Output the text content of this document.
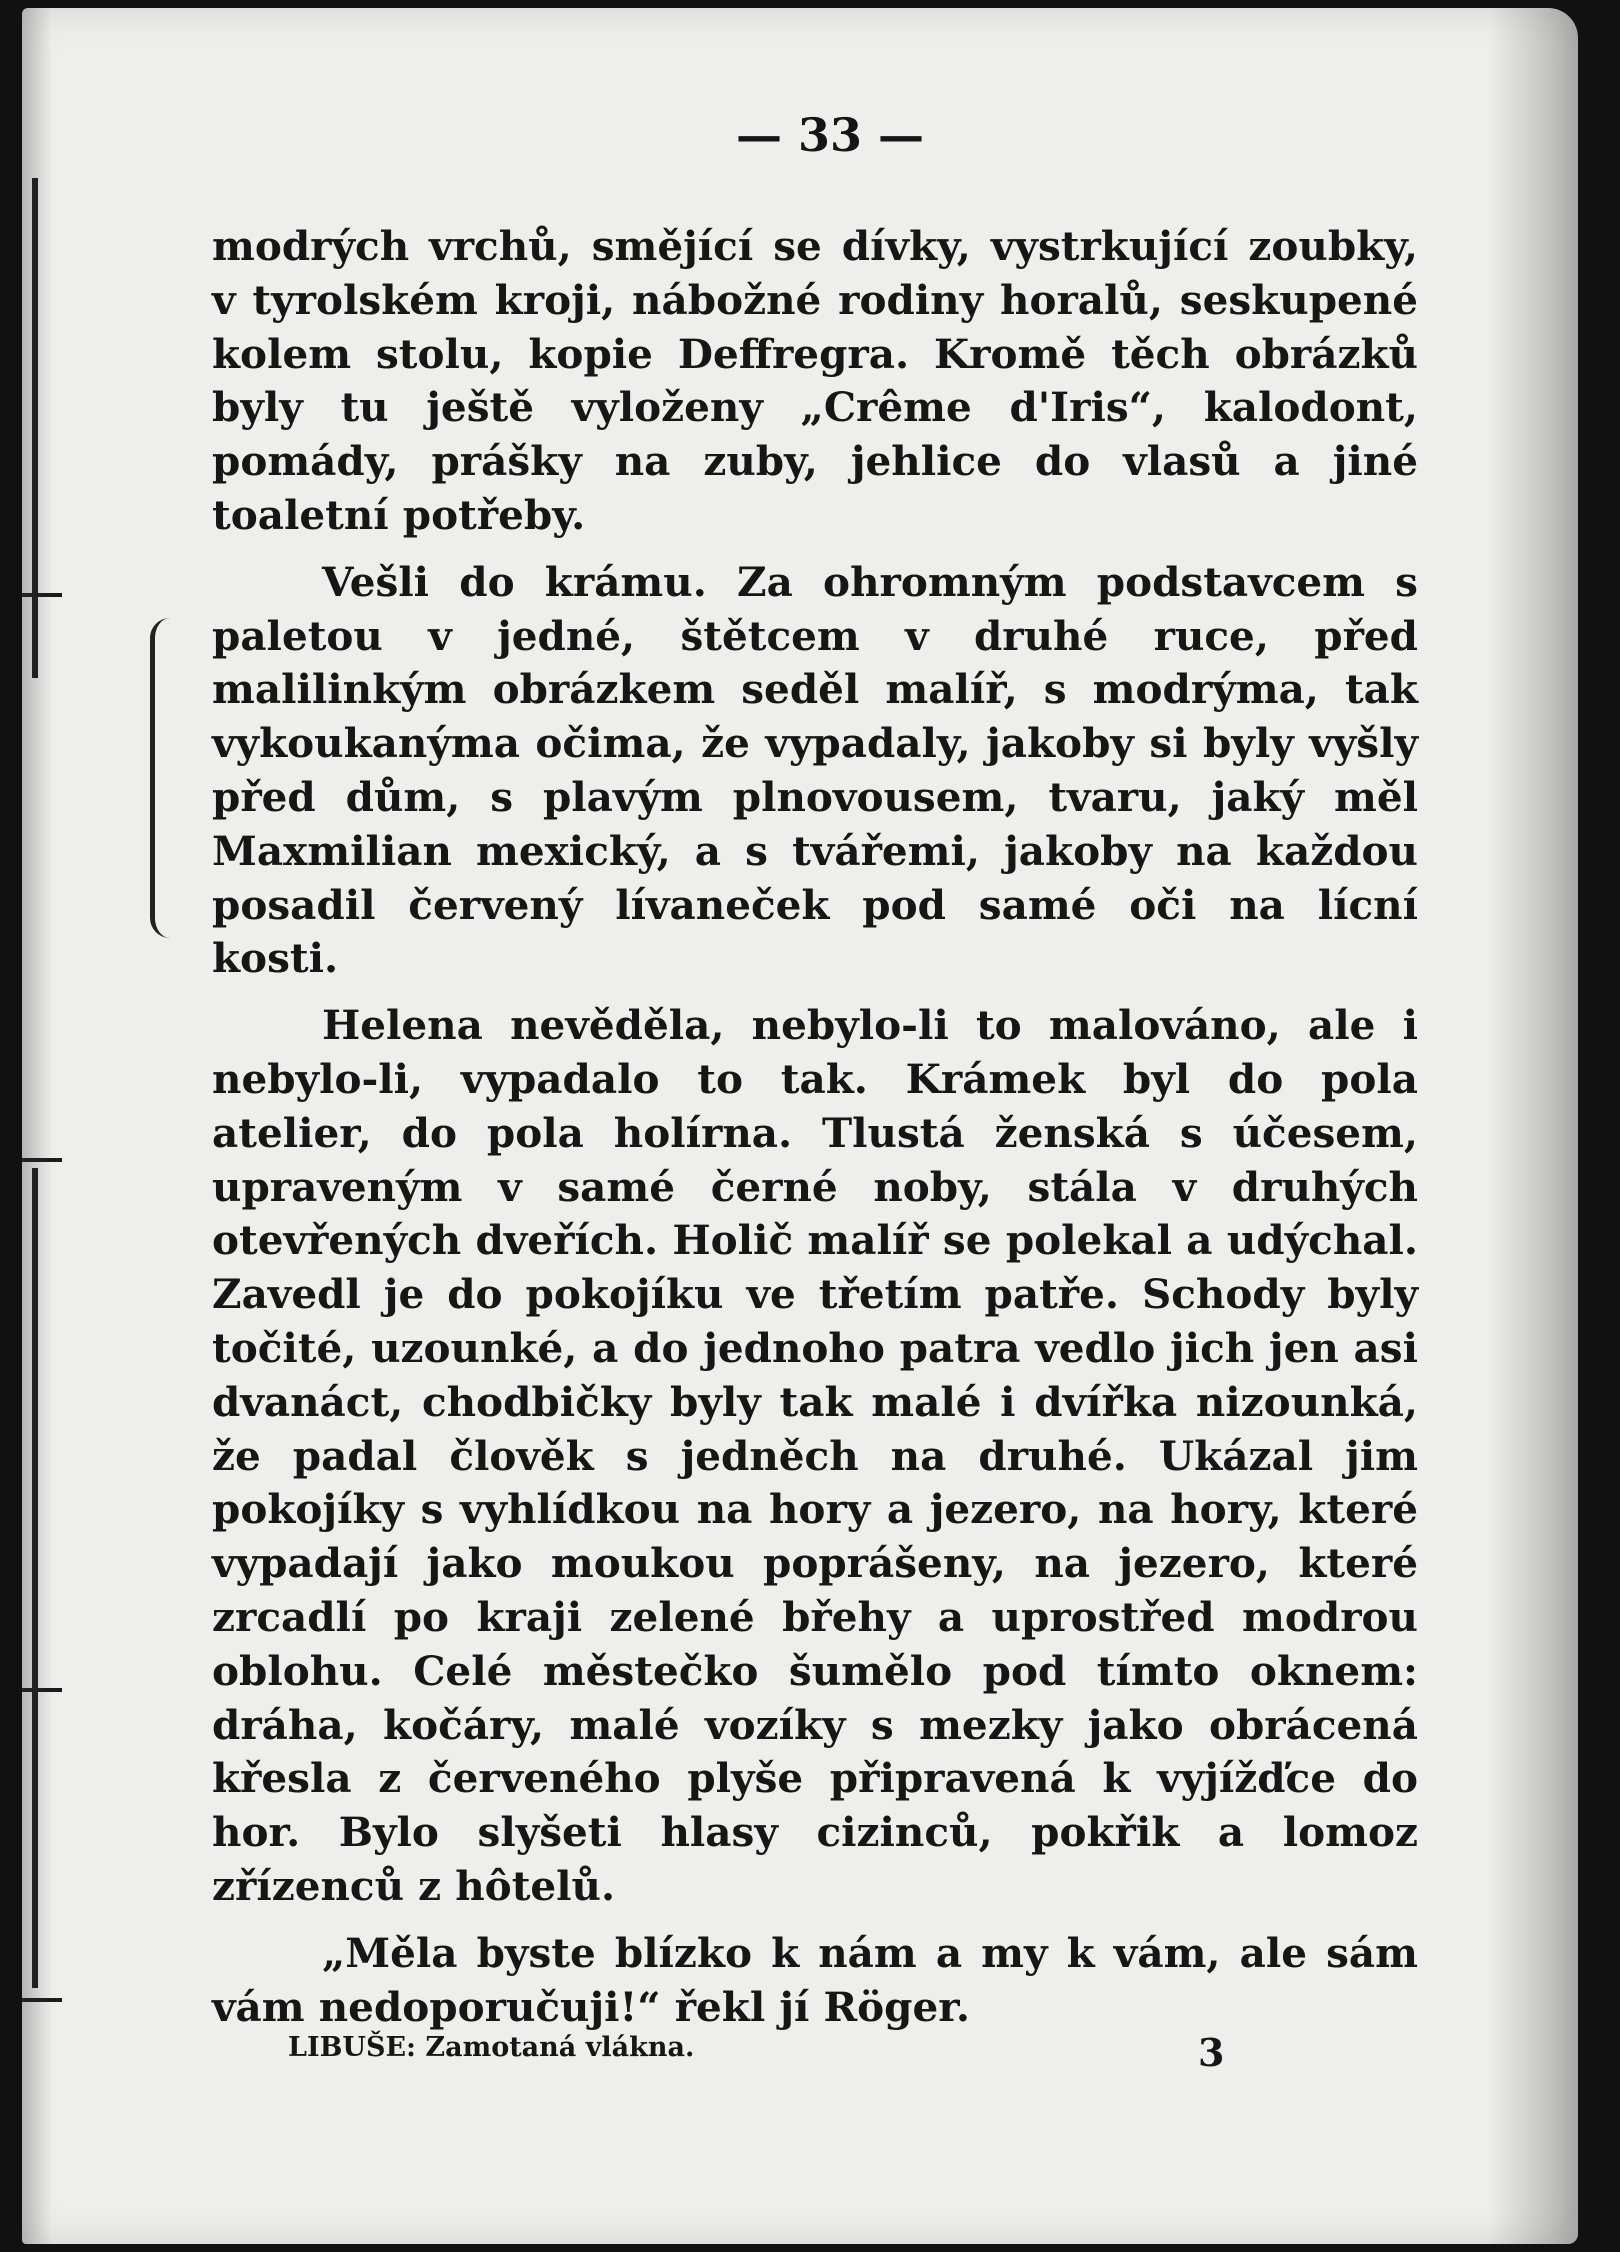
— 33 —

modrých vrchů, smějící se dívky, vystrkující zoubky, v tyrolském kroji, nábožné rodiny horalů, seskupené kolem stolu, kopie Deffregra. Kromě těch obrázků byly tu ještě vyloženy „Crême d'Iris“, kalodont, pomády, prášky na zuby, jehlice do vlasů a jiné toaletní potřeby.

Vešli do krámu. Za ohromným podstavcem s paletou v jedné, štětcem v druhé ruce, před malilinkým obrázkem seděl malíř, s modrýma, tak vykoukanýma očima, že vypadaly, jakoby si byly vyšly před dům, s plavým plnovousem, tvaru, jaký měl Maxmilian mexický, a s tvářemi, jakoby na každou posadil červený lívaneček pod samé oči na lícní kosti.

Helena nevěděla, nebylo-li to malováno, ale i nebylo-li, vypadalo to tak. Krámek byl do pola atelier, do pola holírna. Tlustá ženská s účesem, upraveným v samé černé noby, stála v druhých otevřených dveřích. Holič malíř se polekal a udýchal. Zavedl je do pokojíku ve třetím patře. Schody byly točité, uzounké, a do jednoho patra vedlo jich jen asi dvanáct, chodbičky byly tak malé i dvířka nizounká, že padal člověk s jedněch na druhé. Ukázal jim pokojíky s vyhlídkou na hory a jezero, na hory, které vypadají jako moukou poprášeny, na jezero, které zrcadlí po kraji zelené břehy a uprostřed modrou oblohu. Celé městečko šumělo pod tímto oknem: dráha, kočáry, malé vozíky s mezky jako obrácená křesla z červeného plyše připravená k vyjížďce do hor. Bylo slyšeti hlasy cizinců, pokřik a lomoz zřízenců z hôtelů.

„Měla byste blízko k nám a my k vám, ale sám vám nedoporučuji!“ řekl jí Röger.

LIBUŠE: Zamotaná vlákna.	3
